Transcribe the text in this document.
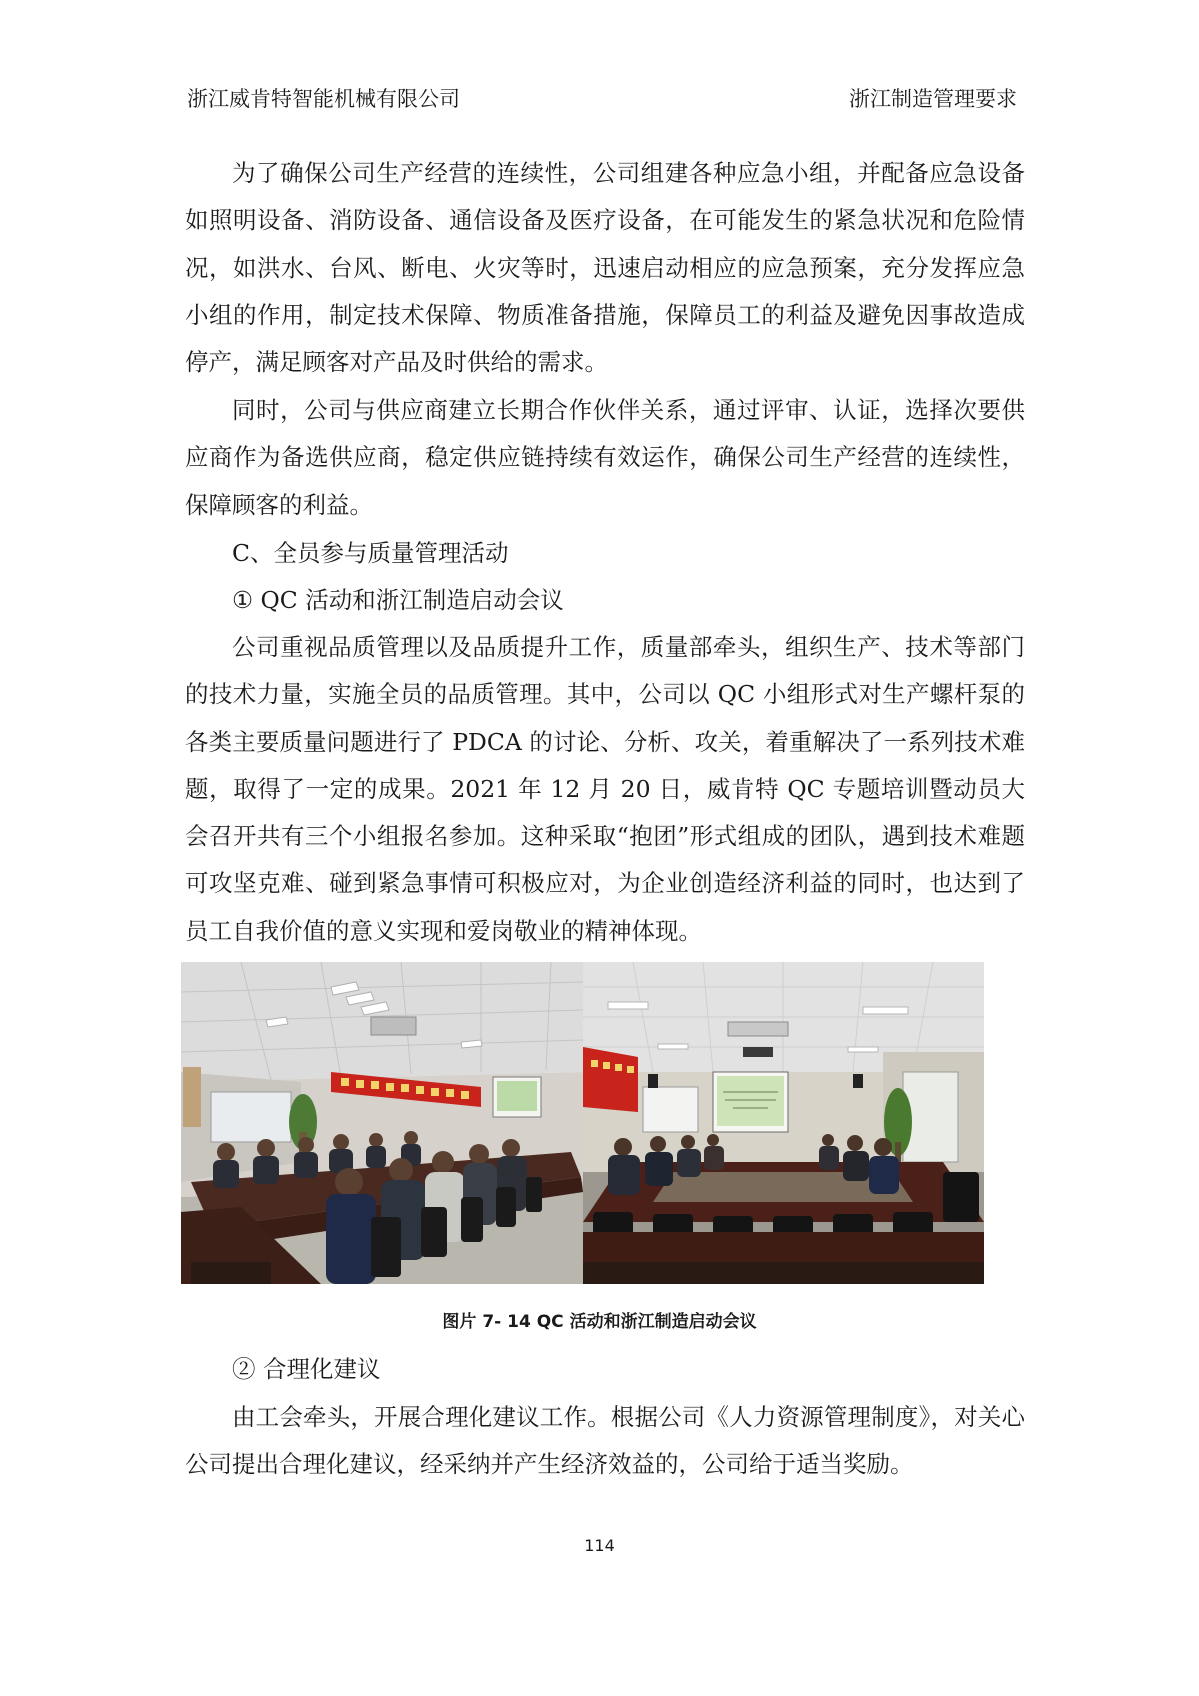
浙江威肯特智能机械有限公司	浙江制造管理要求

为了确保公司生产经营的连续性，公司组建各种应急小组，并配备应急设备如照明设备、消防设备、通信设备及医疗设备，在可能发生的紧急状况和危险情况，如洪水、台风、断电、火灾等时，迅速启动相应的应急预案，充分发挥应急小组的作用，制定技术保障、物质准备措施，保障员工的利益及避免因事故造成停产，满足顾客对产品及时供给的需求。

同时，公司与供应商建立长期合作伙伴关系，通过评审、认证，选择次要供应商作为备选供应商，稳定供应链持续有效运作，确保公司生产经营的连续性，保障顾客的利益。

C、全员参与质量管理活动

① QC 活动和浙江制造启动会议

公司重视品质管理以及品质提升工作，质量部牵头，组织生产、技术等部门的技术力量，实施全员的品质管理。其中，公司以 QC 小组形式对生产螺杆泵的各类主要质量问题进行了 PDCA 的讨论、分析、攻关，着重解决了一系列技术难题，取得了一定的成果。2021 年 12 月 20 日，威肯特 QC 专题培训暨动员大会召开共有三个小组报名参加。这种采取“抱团”形式组成的团队，遇到技术难题可攻坚克难、碰到紧急事情可积极应对，为企业创造经济利益的同时，也达到了员工自我价值的意义实现和爱岗敬业的精神体现。

图片 7- 14 QC 活动和浙江制造启动会议

② 合理化建议

由工会牵头，开展合理化建议工作。根据公司《人力资源管理制度》，对关心公司提出合理化建议，经采纳并产生经济效益的，公司给于适当奖励。

114
